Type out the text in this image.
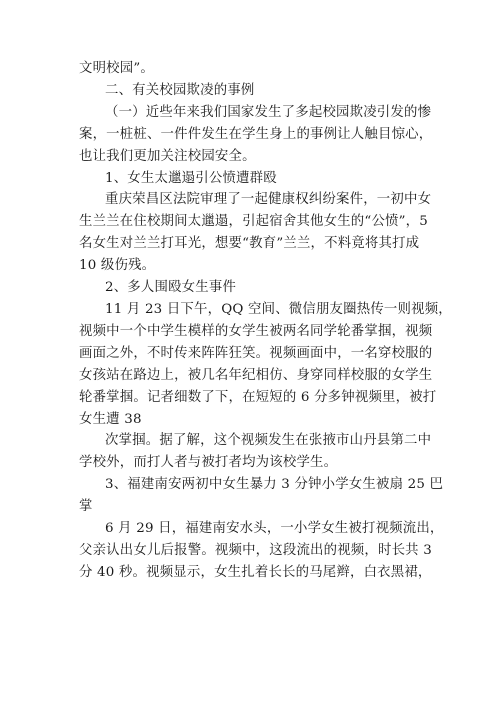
文明校园”。
二、有关校园欺凌的事例
（一）近些年来我们国家发生了多起校园欺凌引发的惨
案，一桩桩、一件件发生在学生身上的事例让人触目惊心，
也让我们更加关注校园安全。
1、女生太邋遢引公愤遭群殴
重庆荣昌区法院审理了一起健康权纠纷案件，一初中女
生兰兰在住校期间太邋遢，引起宿舍其他女生的“公愤”，5
名女生对兰兰打耳光，想要“教育”兰兰，不料竟将其打成
10 级伤残。
2、多人围殴女生事件
11 月 23 日下午，QQ 空间、微信朋友圈热传一则视频，
视频中一个中学生模样的女学生被两名同学轮番掌掴，视频
画面之外，不时传来阵阵狂笑。视频画面中，一名穿校服的
女孩站在路边上，被几名年纪相仿、身穿同样校服的女学生
轮番掌掴。记者细数了下，在短短的 6 分多钟视频里，被打
女生遭 38
次掌掴。据了解，这个视频发生在张掖市山丹县第二中
学校外，而打人者与被打者均为该校学生。
3、福建南安两初中女生暴力 3 分钟小学女生被扇 25 巴
掌
6 月 29 日，福建南安水头，一小学女生被打视频流出，
父亲认出女儿后报警。视频中，这段流出的视频，时长共 3
分 40 秒。视频显示，女生扎着长长的马尾辫，白衣黑裙，
